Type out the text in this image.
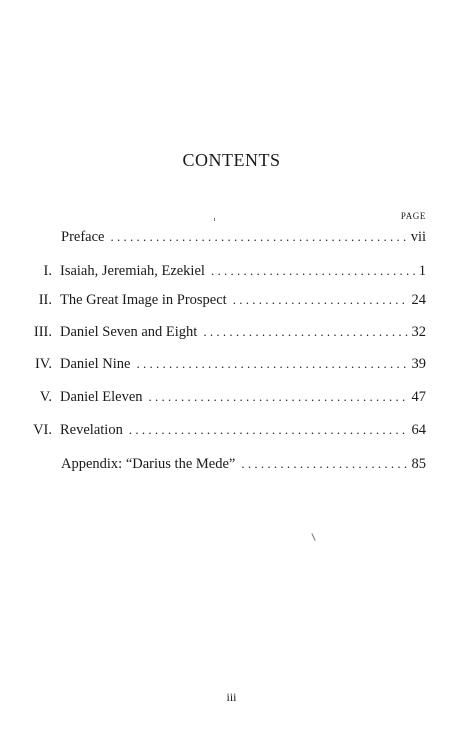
CONTENTS
PAGE
Preface . . .	vii
I. Isaiah, Jeremiah, Ezekiel . . .	1
II. The Great Image in Prospect . . .	24
III. Daniel Seven and Eight . . .	32
IV. Daniel Nine . . .	39
V. Daniel Eleven . . .	47
VI. Revelation . . .	64
Appendix: “Darius the Mede” . . .	85
iii
